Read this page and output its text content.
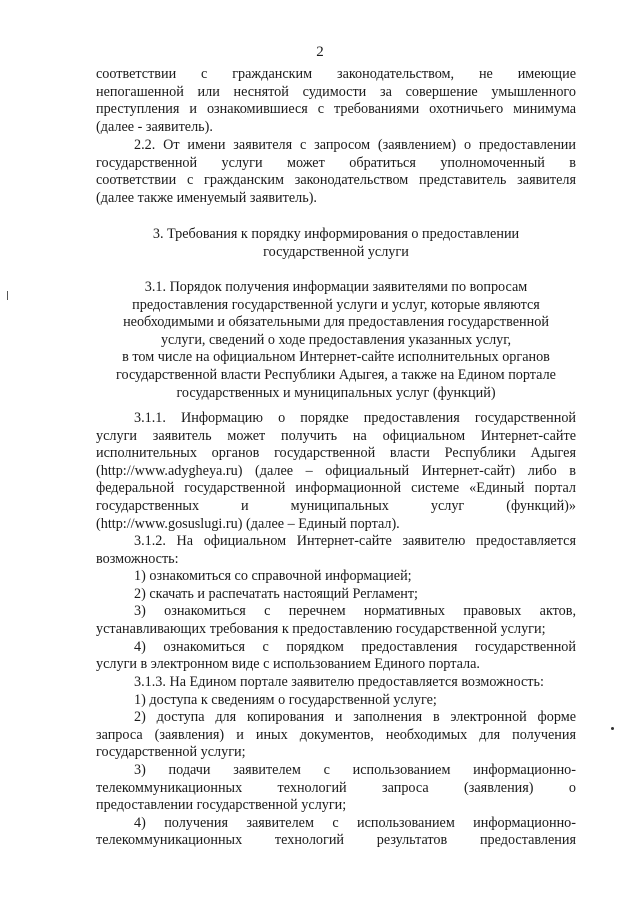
2
соответствии с гражданским законодательством, не имеющие
непогашенной или неснятой судимости за совершение умышленного
преступления и ознакомившиеся с требованиями охотничьего минимума
(далее - заявитель).
2.2. От имени заявителя с запросом (заявлением) о предоставлении
государственной услуги может обратиться уполномоченный в
соответствии с гражданским законодательством представитель заявителя
(далее также именуемый заявитель).
3. Требования к порядку информирования о предоставлении
государственной услуги
3.1. Порядок получения информации заявителями по вопросам
предоставления государственной услуги и услуг, которые являются
необходимыми и обязательными для предоставления государственной
услуги, сведений о ходе предоставления указанных услуг,
в том числе на официальном Интернет-сайте исполнительных органов
государственной власти Республики Адыгея, а также на Едином портале
государственных и муниципальных услуг (функций)
3.1.1. Информацию о порядке предоставления государственной
услуги заявитель может получить на официальном Интернет-сайте
исполнительных органов государственной власти Республики Адыгея
(http://www.adygheya.ru) (далее – официальный Интернет-сайт) либо в
федеральной государственной информационной системе «Единый портал
государственных и муниципальных услуг (функций)»
(http://www.gosuslugi.ru) (далее – Единый портал).
3.1.2. На официальном Интернет-сайте заявителю предоставляется
возможность:
1) ознакомиться со справочной информацией;
2) скачать и распечатать настоящий Регламент;
3) ознакомиться с перечнем нормативных правовых актов,
устанавливающих требования к предоставлению государственной услуги;
4) ознакомиться с порядком предоставления государственной
услуги в электронном виде с использованием Единого портала.
3.1.3. На Едином портале заявителю предоставляется возможность:
1) доступа к сведениям о государственной услуге;
2) доступа для копирования и заполнения в электронной форме
запроса (заявления) и иных документов, необходимых для получения
государственной услуги;
3) подачи заявителем с использованием информационно-
телекоммуникационных технологий запроса (заявления) о
предоставлении государственной услуги;
4) получения заявителем с использованием информационно-
телекоммуникационных технологий результатов предоставления
